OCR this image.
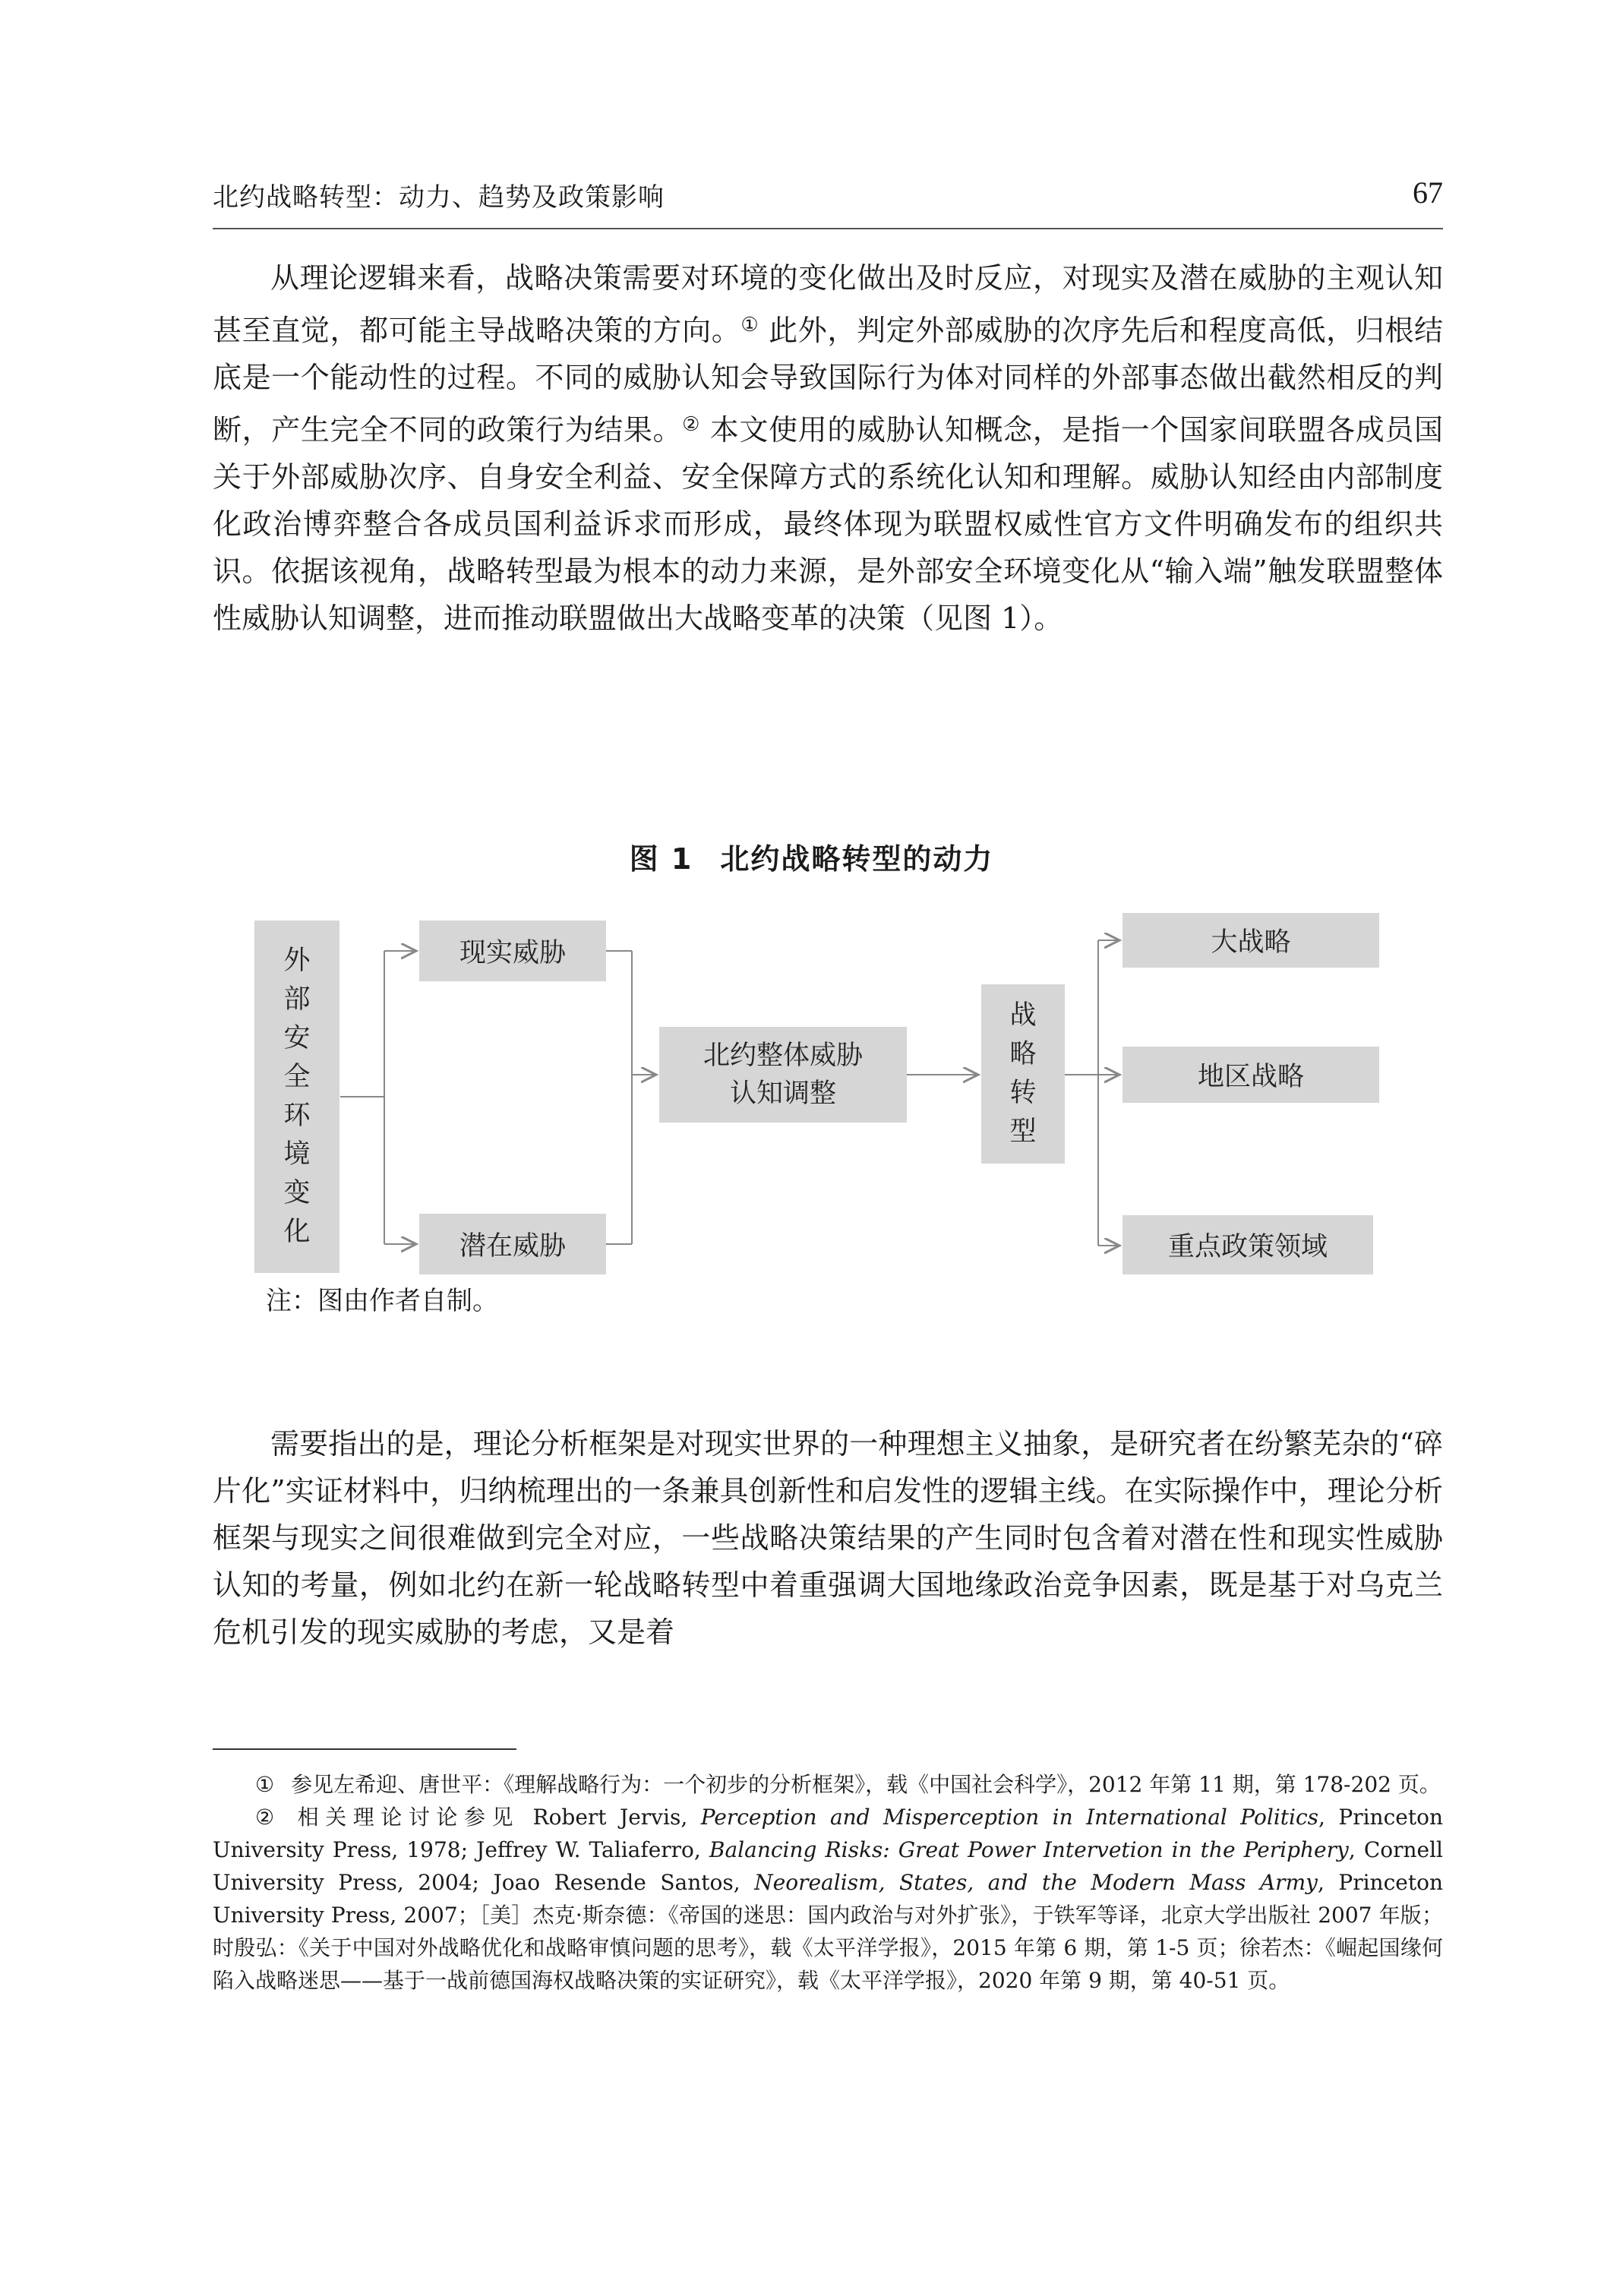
北约战略转型：动力、趋势及政策影响	67

从理论逻辑来看，战略决策需要对环境的变化做出及时反应，对现实及潜在威胁的主观认知甚至直觉，都可能主导战略决策的方向。① 此外，判定外部威胁的次序先后和程度高低，归根结底是一个能动性的过程。不同的威胁认知会导致国际行为体对同样的外部事态做出截然相反的判断，产生完全不同的政策行为结果。② 本文使用的威胁认知概念，是指一个国家间联盟各成员国关于外部威胁次序、自身安全利益、安全保障方式的系统化认知和理解。威胁认知经由内部制度化政治博弈整合各成员国利益诉求而形成，最终体现为联盟权威性官方文件明确发布的组织共识。依据该视角，战略转型最为根本的动力来源，是外部安全环境变化从“输入端”触发联盟整体性威胁认知调整，进而推动联盟做出大战略变革的决策（见图 1）。

图 1 北约战略转型的动力
外
部
安
全
环
境
变
化
现实威胁
潜在威胁
北约整体威胁
认知调整
战
略
转
型
大战略
地区战略
重点政策领域
注：图由作者自制。

需要指出的是，理论分析框架是对现实世界的一种理想主义抽象，是研究者在纷繁芜杂的“碎片化”实证材料中，归纳梳理出的一条兼具创新性和启发性的逻辑主线。在实际操作中，理论分析框架与现实之间很难做到完全对应，一些战略决策结果的产生同时包含着对潜在性和现实性威胁认知的考量，例如北约在新一轮战略转型中着重强调大国地缘政治竞争因素，既是基于对乌克兰危机引发的现实威胁的考虑，又是着

① 参见左希迎、唐世平：《理解战略行为：一个初步的分析框架》，载《中国社会科学》，2012 年第 11 期，第 178-202 页。

② 相关理论讨论参见 Robert Jervis, Perception and Misperception in International Politics, Princeton University Press, 1978; Jeffrey W. Taliaferro, Balancing Risks: Great Power Intervetion in the Periphery, Cornell University Press, 2004; Joao Resende Santos, Neorealism, States, and the Modern Mass Army, Princeton University Press, 2007；［美］杰克·斯奈德：《帝国的迷思：国内政治与对外扩张》，于铁军等译，北京大学出版社 2007 年版；时殷弘：《关于中国对外战略优化和战略审慎问题的思考》，载《太平洋学报》，2015 年第 6 期，第 1-5 页；徐若杰：《崛起国缘何陷入战略迷思——基于一战前德国海权战略决策的实证研究》，载《太平洋学报》，2020 年第 9 期，第 40-51 页。
